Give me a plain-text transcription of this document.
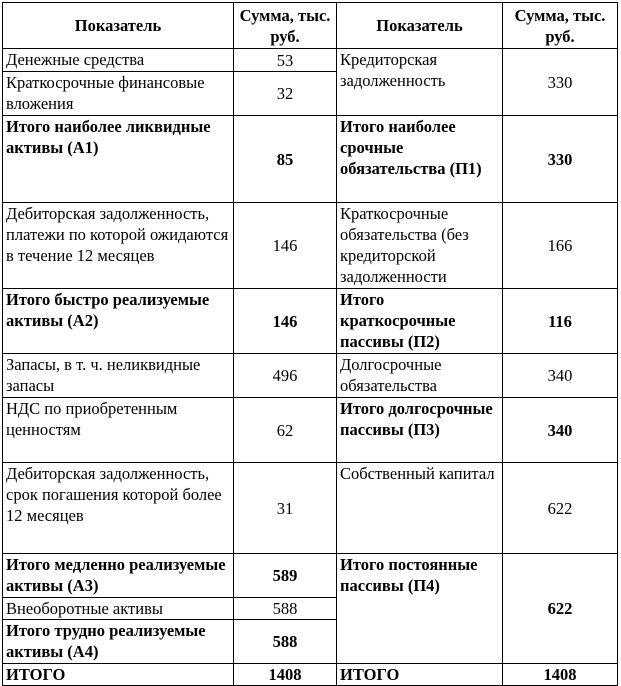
Показатель	Сумма, тыс. руб.	Показатель	Сумма, тыс. руб.
Денежные средства	53	Кредиторская задолженность	330
Краткосрочные финансовые вложения	32		
Итого наиболее ликвидные активы (А1)	85	Итого наиболее срочные обязательства (П1)	330
Дебиторская задолженность, платежи по которой ожидаются в течение 12 месяцев	146	Краткосрочные обязательства (без кредиторской задолженности	166
Итого быстро реализуемые активы (А2)	146	Итого краткосрочные пассивы (П2)	116
Запасы, в т. ч. неликвидные запасы	496	Долгосрочные обязательства	340
НДС по приобретенным ценностям	62	Итого долгосрочные пассивы (П3)	340
Дебиторская задолженность, срок погашения которой более 12 месяцев	31	Собственный капитал	622
Итого медленно реализуемые активы (А3)	589	Итого постоянные пассивы (П4)	622
Внеоборотные активы	588		
Итого трудно реализуемые активы (А4)	588		
ИТОГО	1408	ИТОГО	1408
